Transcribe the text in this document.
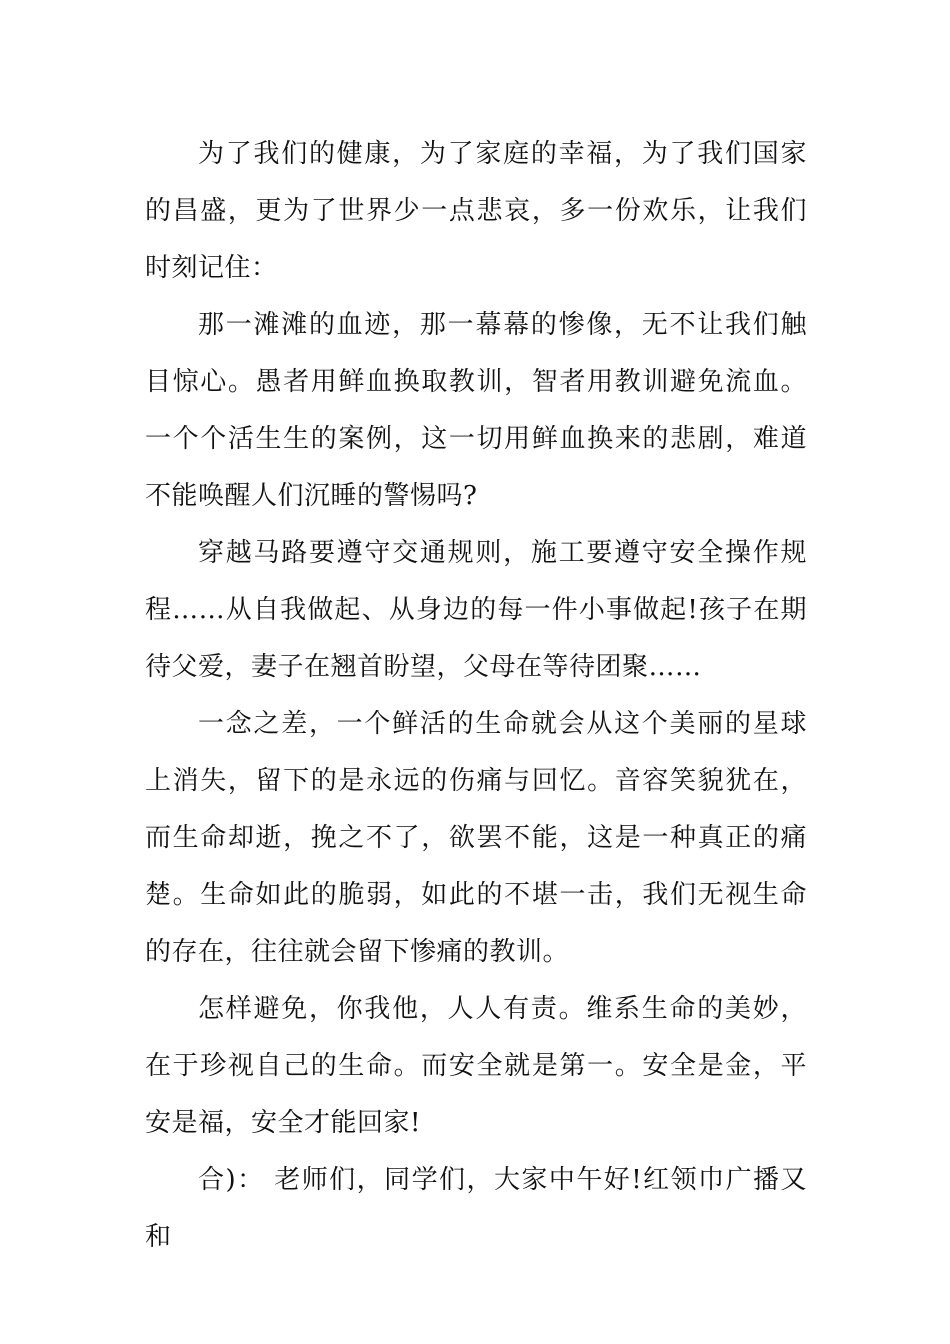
为了我们的健康，为了家庭的幸福，为了我们国家的昌盛，更为了世界少一点悲哀，多一份欢乐，让我们时刻记住：

那一滩滩的血迹，那一幕幕的惨像，无不让我们触目惊心。愚者用鲜血换取教训，智者用教训避免流血。一个个活生生的案例，这一切用鲜血换来的悲剧，难道不能唤醒人们沉睡的警惕吗?

穿越马路要遵守交通规则，施工要遵守安全操作规程……从自我做起、从身边的每一件小事做起!孩子在期待父爱，妻子在翘首盼望，父母在等待团聚……

一念之差，一个鲜活的生命就会从这个美丽的星球上消失，留下的是永远的伤痛与回忆。音容笑貌犹在，而生命却逝，挽之不了，欲罢不能，这是一种真正的痛楚。生命如此的脆弱，如此的不堪一击，我们无视生命的存在，往往就会留下惨痛的教训。

怎样避免，你我他，人人有责。维系生命的美妙，在于珍视自己的生命。而安全就是第一。安全是金，平安是福，安全才能回家!

合)： 老师们，同学们，大家中午好!红领巾广播又和
